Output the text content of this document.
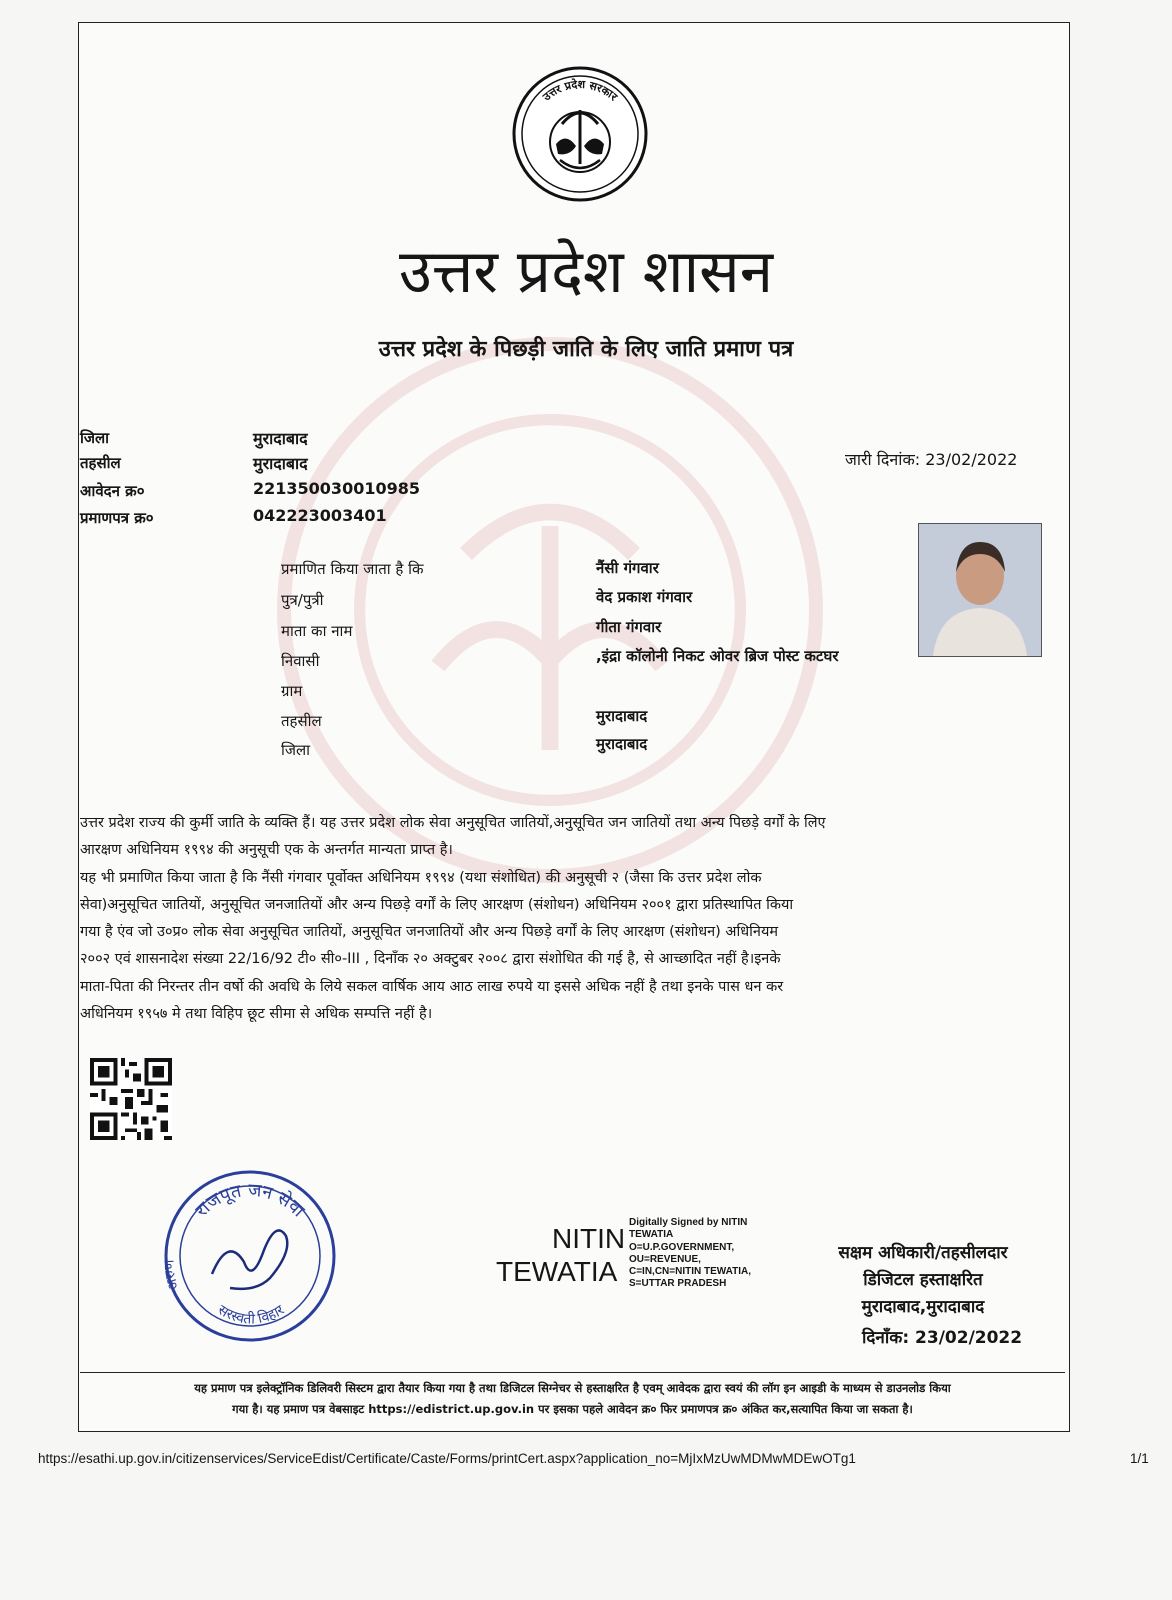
उत्तर प्रदेश सरकार
उत्तर प्रदेश शासन
उत्तर प्रदेश के पिछड़ी जाति के लिए जाति प्रमाण पत्र
जिला	मुरादाबाद
तहसील	मुरादाबाद
आवेदन क्र०	221350030010985
प्रमाणपत्र क्र०	042223003401
जारी दिनांक: 23/02/2022
प्रमाणित किया जाता है कि	नैंसी गंगवार
पुत्र/पुत्री	वेद प्रकाश गंगवार
माता का नाम	गीता गंगवार
निवासी	,इंद्रा कॉलोनी निकट ओवर ब्रिज पोस्ट कटघर
ग्राम
तहसील	मुरादाबाद
जिला	मुरादाबाद
उत्तर प्रदेश राज्य की कुर्मी जाति के व्यक्ति हैं। यह उत्तर प्रदेश लोक सेवा अनुसूचित जातियों,अनुसूचित जन जातियों तथा अन्य पिछड़े वर्गों के लिए
आरक्षण अधिनियम १९९४ की अनुसूची एक के अन्तर्गत मान्यता प्राप्त है।
यह भी प्रमाणित किया जाता है कि नैंसी गंगवार पूर्वोक्त अधिनियम १९९४ (यथा संशोधित) की अनुसूची २ (जैसा कि उत्तर प्रदेश लोक
सेवा)अनुसूचित जातियों, अनुसूचित जनजातियों और अन्य पिछड़े वर्गों के लिए आरक्षण (संशोधन) अधिनियम २००१ द्वारा प्रतिस्थापित किया
गया है एंव जो उ०प्र० लोक सेवा अनुसूचित जातियों, अनुसूचित जनजातियों और अन्य पिछड़े वर्गों के लिए आरक्षण (संशोधन) अधिनियम
२००२ एवं शासनादेश संख्या 22/16/92 टी० सी०-III , दिनाँक २० अक्टुबर २००८ द्वारा संशोधित की गई है, से आच्छादित नहीं है।इनके
माता-पिता की निरन्तर तीन वर्षो की अवधि के लिये सकल वार्षिक आय आठ लाख रुपये या इससे अधिक नहीं है तथा इनके पास धन कर
अधिनियम १९५७ मे तथा विहिप छूट सीमा से अधिक सम्पत्ति नहीं है।
राजपूत जन सेवा
सरस्वती विहार
अरुण
NITIN
TEWATIA
Digitally Signed by NITIN
TEWATIA
O=U.P.GOVERNMENT,
OU=REVENUE,
C=IN,CN=NITIN TEWATIA,
S=UTTAR PRADESH
सक्षम अधिकारी/तहसीलदार
डिजिटल हस्ताक्षरित
मुरादाबाद,मुरादाबाद
दिनाँक: 23/02/2022
यह प्रमाण पत्र इलेक्ट्रॉनिक डिलिवरी सिस्टम द्वारा तैयार किया गया है तथा डिजिटल सिग्नेचर से हस्ताक्षरित है एवम् आवेदक द्वारा स्वयं की लॉग इन आइडी के माध्यम से डाउनलोड किया
गया है। यह प्रमाण पत्र वेबसाइट https://edistrict.up.gov.in पर इसका पहले आवेदन क्र० फिर प्रमाणपत्र क्र० अंकित कर,सत्यापित किया जा सकता है।
https://esathi.up.gov.in/citizenservices/ServiceEdist/Certificate/Caste/Forms/printCert.aspx?application_no=MjIxMzUwMDMwMDEwOTg1	1/1
